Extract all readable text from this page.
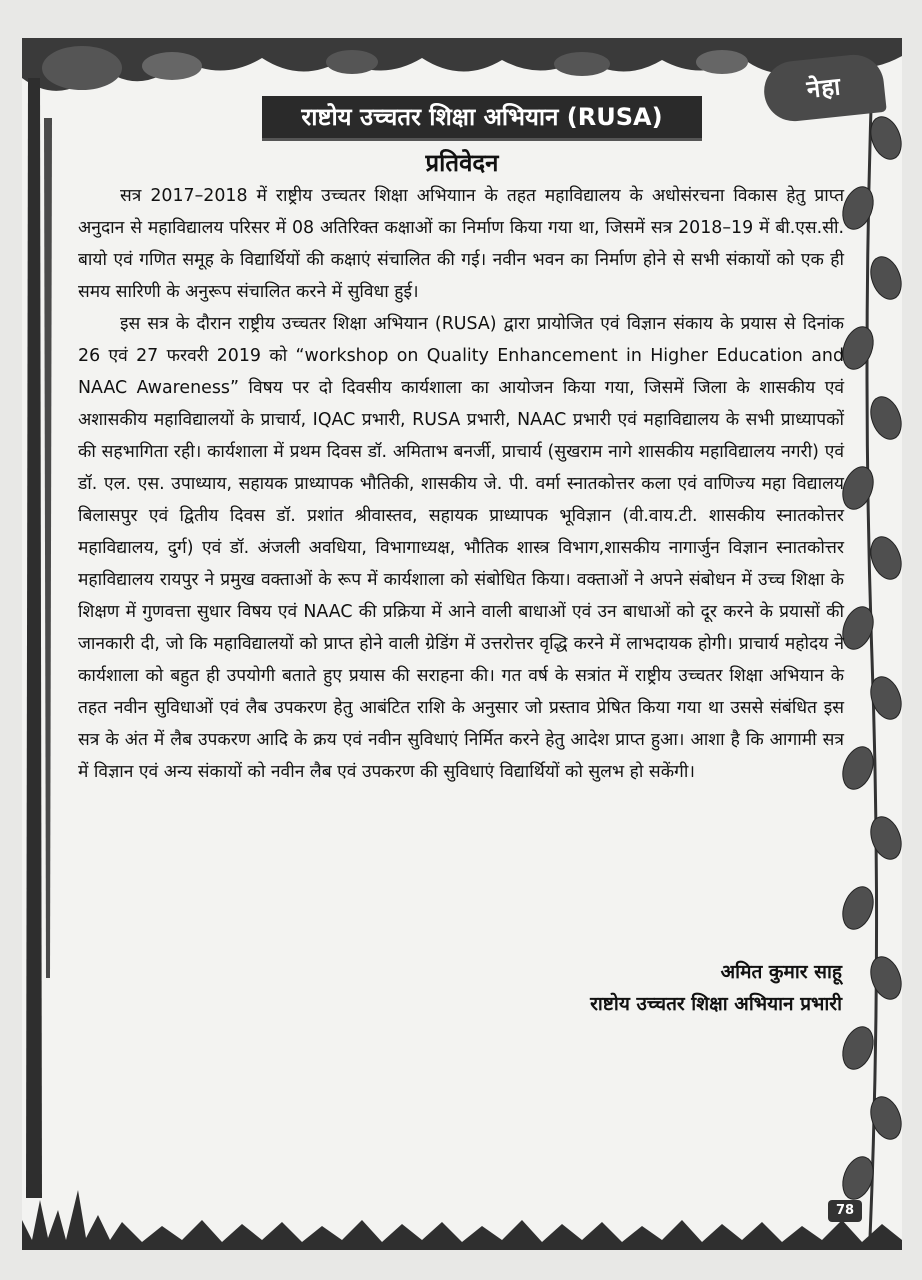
नेहा
राष्टोय उच्चतर शिक्षा अभियान (RUSA)
प्रतिवेदन

सत्र 2017–2018 में राष्ट्रीय उच्चतर शिक्षा अभियाान के तहत महाविद्यालय के अधोसंरचना विकास हेतु प्राप्त अनुदान से महाविद्यालय परिसर में 08 अतिरिक्त कक्षाओं का निर्माण किया गया था, जिसमें सत्र 2018–19 में बी.एस.सी. बायो एवं गणित समूह के विद्यार्थियों की कक्षाएं संचालित की गई। नवीन भवन का निर्माण होने से सभी संकायों को एक ही समय सारिणी के अनुरूप संचालित करने में सुविधा हुई।

इस सत्र के दौरान राष्ट्रीय उच्चतर शिक्षा अभियान (RUSA) द्वारा प्रायोजित एवं विज्ञान संकाय के प्रयास से दिनांक 26 एवं 27 फरवरी 2019 को “workshop on Quality Enhancement in Higher Education and NAAC Awareness” विषय पर दो दिवसीय कार्यशाला का आयोजन किया गया, जिसमें जिला के शासकीय एवं अशासकीय महाविद्यालयों के प्राचार्य, IQAC प्रभारी, RUSA प्रभारी, NAAC प्रभारी एवं महाविद्यालय के सभी प्राध्यापकों की सहभागिता रही। कार्यशाला में प्रथम दिवस डॉ. अमिताभ बनर्जी, प्राचार्य (सुखराम नागे शासकीय महाविद्यालय नगरी) एवं डॉ. एल. एस. उपाध्याय, सहायक प्राध्यापक भौतिकी, शासकीय जे. पी. वर्मा स्नातकोत्तर कला एवं वाणिज्य महा विद्यालय बिलासपुर एवं द्वितीय दिवस डॉ. प्रशांत श्रीवास्तव, सहायक प्राध्यापक भूविज्ञान (वी.वाय.टी. शासकीय स्नातकोत्तर महाविद्यालय, दुर्ग) एवं डॉ. अंजली अवधिया, विभागाध्यक्ष, भौतिक शास्त्र विभाग,शासकीय नागार्जुन विज्ञान स्नातकोत्तर महाविद्यालय रायपुर ने प्रमुख वक्ताओं के रूप में कार्यशाला को संबोधित किया। वक्ताओं ने अपने संबोधन में उच्च शिक्षा के शिक्षण में गुणवत्ता सुधार विषय एवं NAAC की प्रक्रिया में आने वाली बाधाओं एवं उन बाधाओं को दूर करने के प्रयासों की जानकारी दी, जो कि महाविद्यालयों को प्राप्त होने वाली ग्रेडिंग में उत्तरोत्तर वृद्धि करने में लाभदायक होगी। प्राचार्य महोदय ने कार्यशाला को बहुत ही उपयोगी बताते हुए प्रयास की सराहना की। गत वर्ष के सत्रांत में राष्ट्रीय उच्चतर शिक्षा अभियान के तहत नवीन सुविधाओं एवं लैब उपकरण हेतु आबंटित राशि के अनुसार जो प्रस्ताव प्रेषित किया गया था उससे संबंधित इस सत्र के अंत में लैब उपकरण आदि के क्रय एवं नवीन सुविधाएं निर्मित करने हेतु आदेश प्राप्त हुआ। आशा है कि आगामी सत्र में विज्ञान एवं अन्य संकायों को नवीन लैब एवं उपकरण की सुविधाएं विद्यार्थियों को सुलभ हो सकेंगी।

अमित कुमार साहू
राष्टोय उच्चतर शिक्षा अभियान प्रभारी
78
